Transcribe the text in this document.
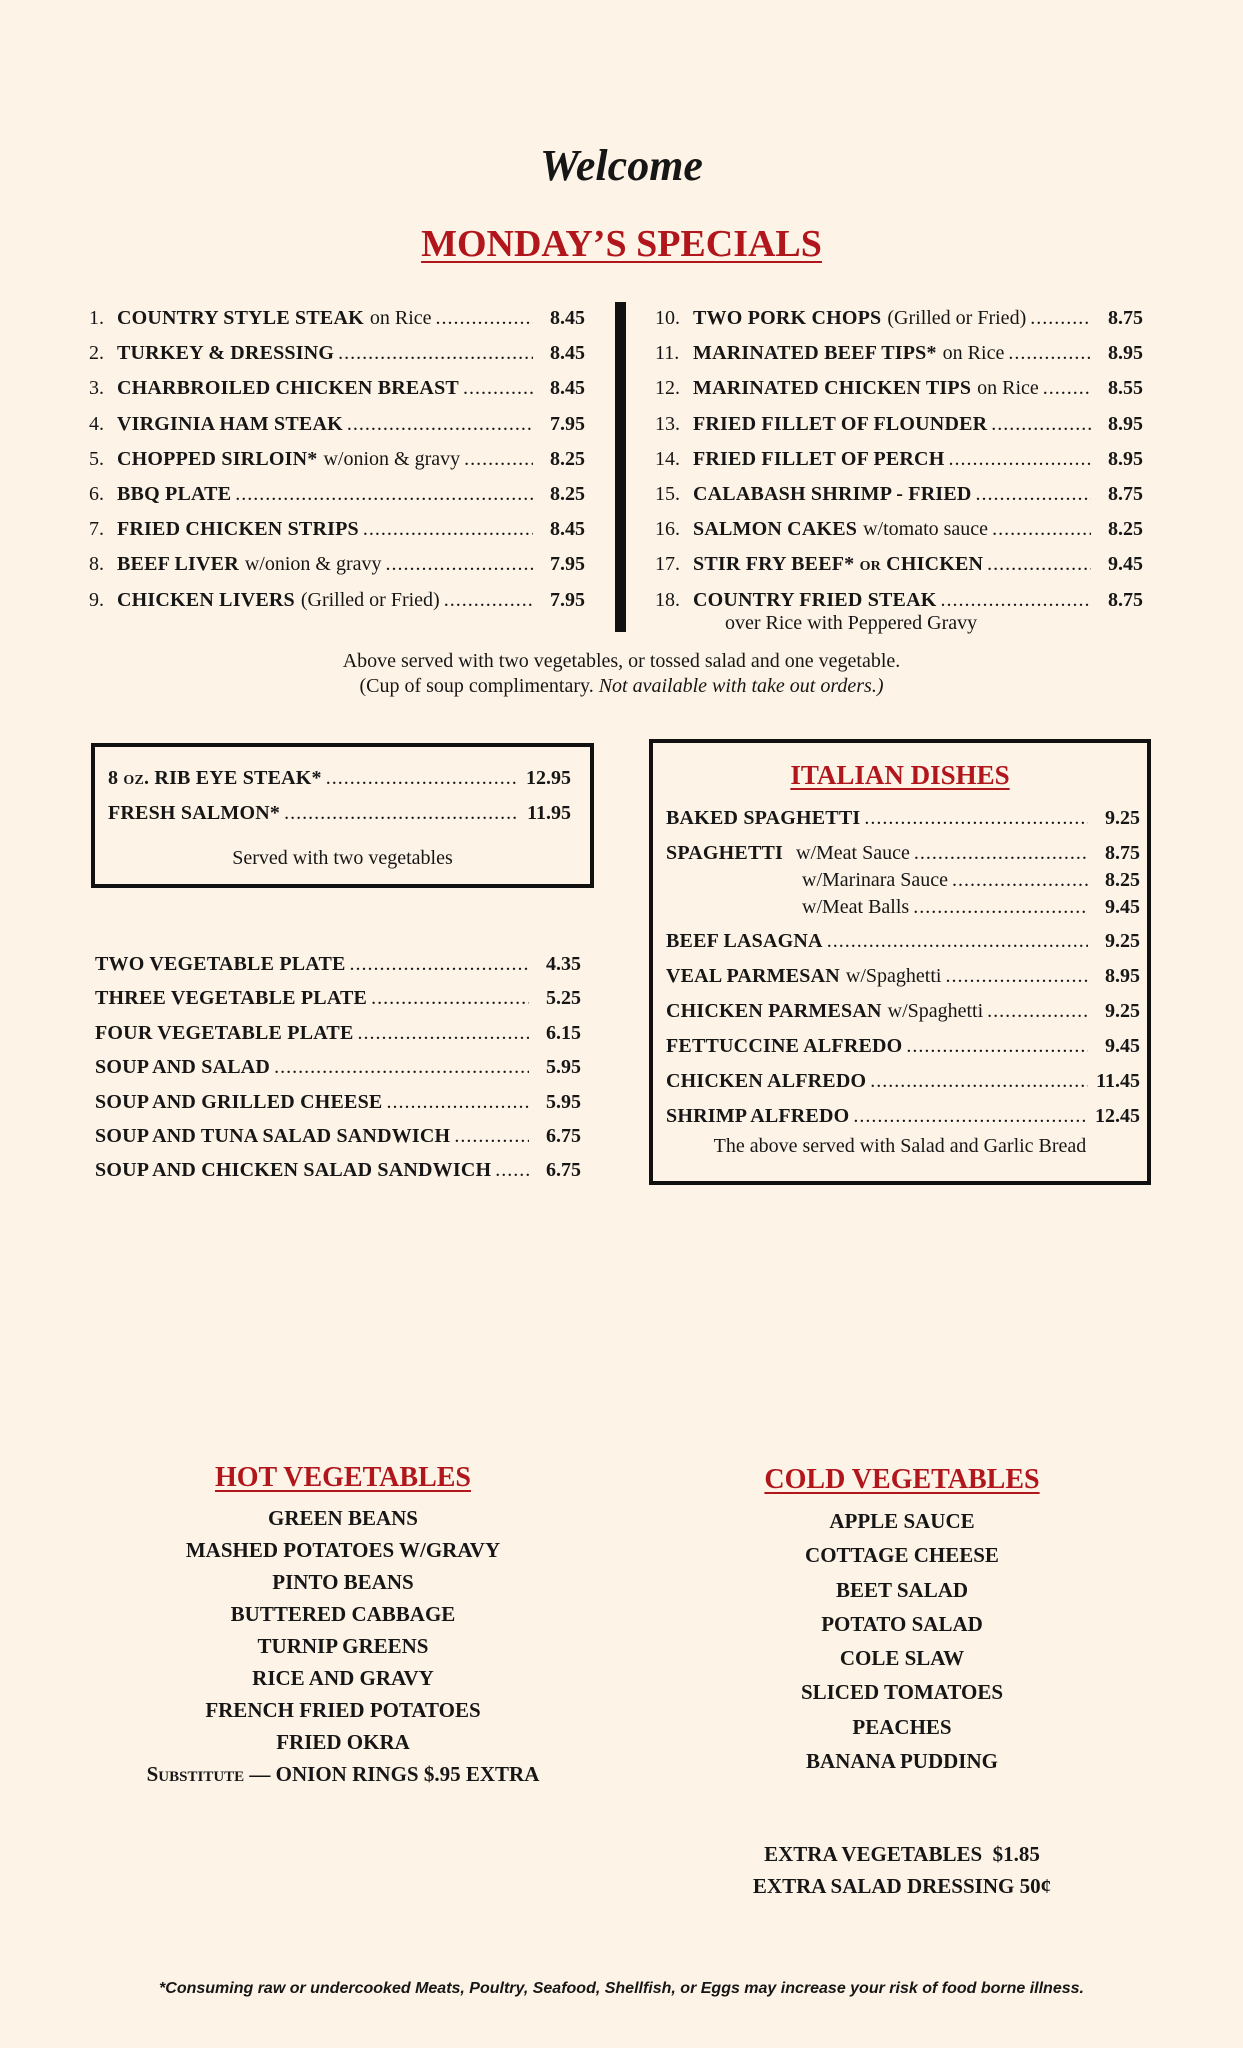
Welcome
MONDAY’S SPECIALS
1. COUNTRY STYLE STEAK on Rice .....	8.45
2. TURKEY & DRESSING .....	8.45
3. CHARBROILED CHICKEN BREAST .....	8.45
4. VIRGINIA HAM STEAK .....	7.95
5. CHOPPED SIRLOIN* w/onion & gravy .....	8.25
6. BBQ PLATE .....	8.25
7. FRIED CHICKEN STRIPS .....	8.45
8. BEEF LIVER w/onion & gravy .....	7.95
9. CHICKEN LIVERS (Grilled or Fried) .....	7.95
10. TWO PORK CHOPS (Grilled or Fried) .....	8.75
11. MARINATED BEEF TIPS* on Rice .....	8.95
12. MARINATED CHICKEN TIPS on Rice .....	8.55
13. FRIED FILLET OF FLOUNDER .....	8.95
14. FRIED FILLET OF PERCH .....	8.95
15. CALABASH SHRIMP - FRIED .....	8.75
16. SALMON CAKES w/tomato sauce .....	8.25
17. STIR FRY BEEF* or CHICKEN .....	9.45
18. COUNTRY FRIED STEAK .....	8.75
over Rice with Peppered Gravy
Above served with two vegetables, or tossed salad and one vegetable.
(Cup of soup complimentary. Not available with take out orders.)
8 oz. RIB EYE STEAK* .....	12.95
FRESH SALMON* .....	11.95
Served with two vegetables
TWO VEGETABLE PLATE .....	4.35
THREE VEGETABLE PLATE .....	5.25
FOUR VEGETABLE PLATE .....	6.15
SOUP AND SALAD .....	5.95
SOUP AND GRILLED CHEESE .....	5.95
SOUP AND TUNA SALAD SANDWICH .....	6.75
SOUP AND CHICKEN SALAD SANDWICH .....	6.75
ITALIAN DISHES
BAKED SPAGHETTI .....	9.25
SPAGHETTI w/Meat Sauce .....	8.75
w/Marinara Sauce .....	8.25
w/Meat Balls .....	9.45
BEEF LASAGNA .....	9.25
VEAL PARMESAN w/Spaghetti .....	8.95
CHICKEN PARMESAN w/Spaghetti .....	9.25
FETTUCCINE ALFREDO .....	9.45
CHICKEN ALFREDO .....	11.45
SHRIMP ALFREDO .....	12.45
The above served with Salad and Garlic Bread
HOT VEGETABLES
GREEN BEANS
MASHED POTATOES W/GRAVY
PINTO BEANS
BUTTERED CABBAGE
TURNIP GREENS
RICE AND GRAVY
FRENCH FRIED POTATOES
FRIED OKRA
Substitute — ONION RINGS $.95 EXTRA
COLD VEGETABLES
APPLE SAUCE
COTTAGE CHEESE
BEET SALAD
POTATO SALAD
COLE SLAW
SLICED TOMATOES
PEACHES
BANANA PUDDING
EXTRA VEGETABLES  $1.85
EXTRA SALAD DRESSING 50¢
*Consuming raw or undercooked Meats, Poultry, Seafood, Shellfish, or Eggs may increase your risk of food borne illness.
